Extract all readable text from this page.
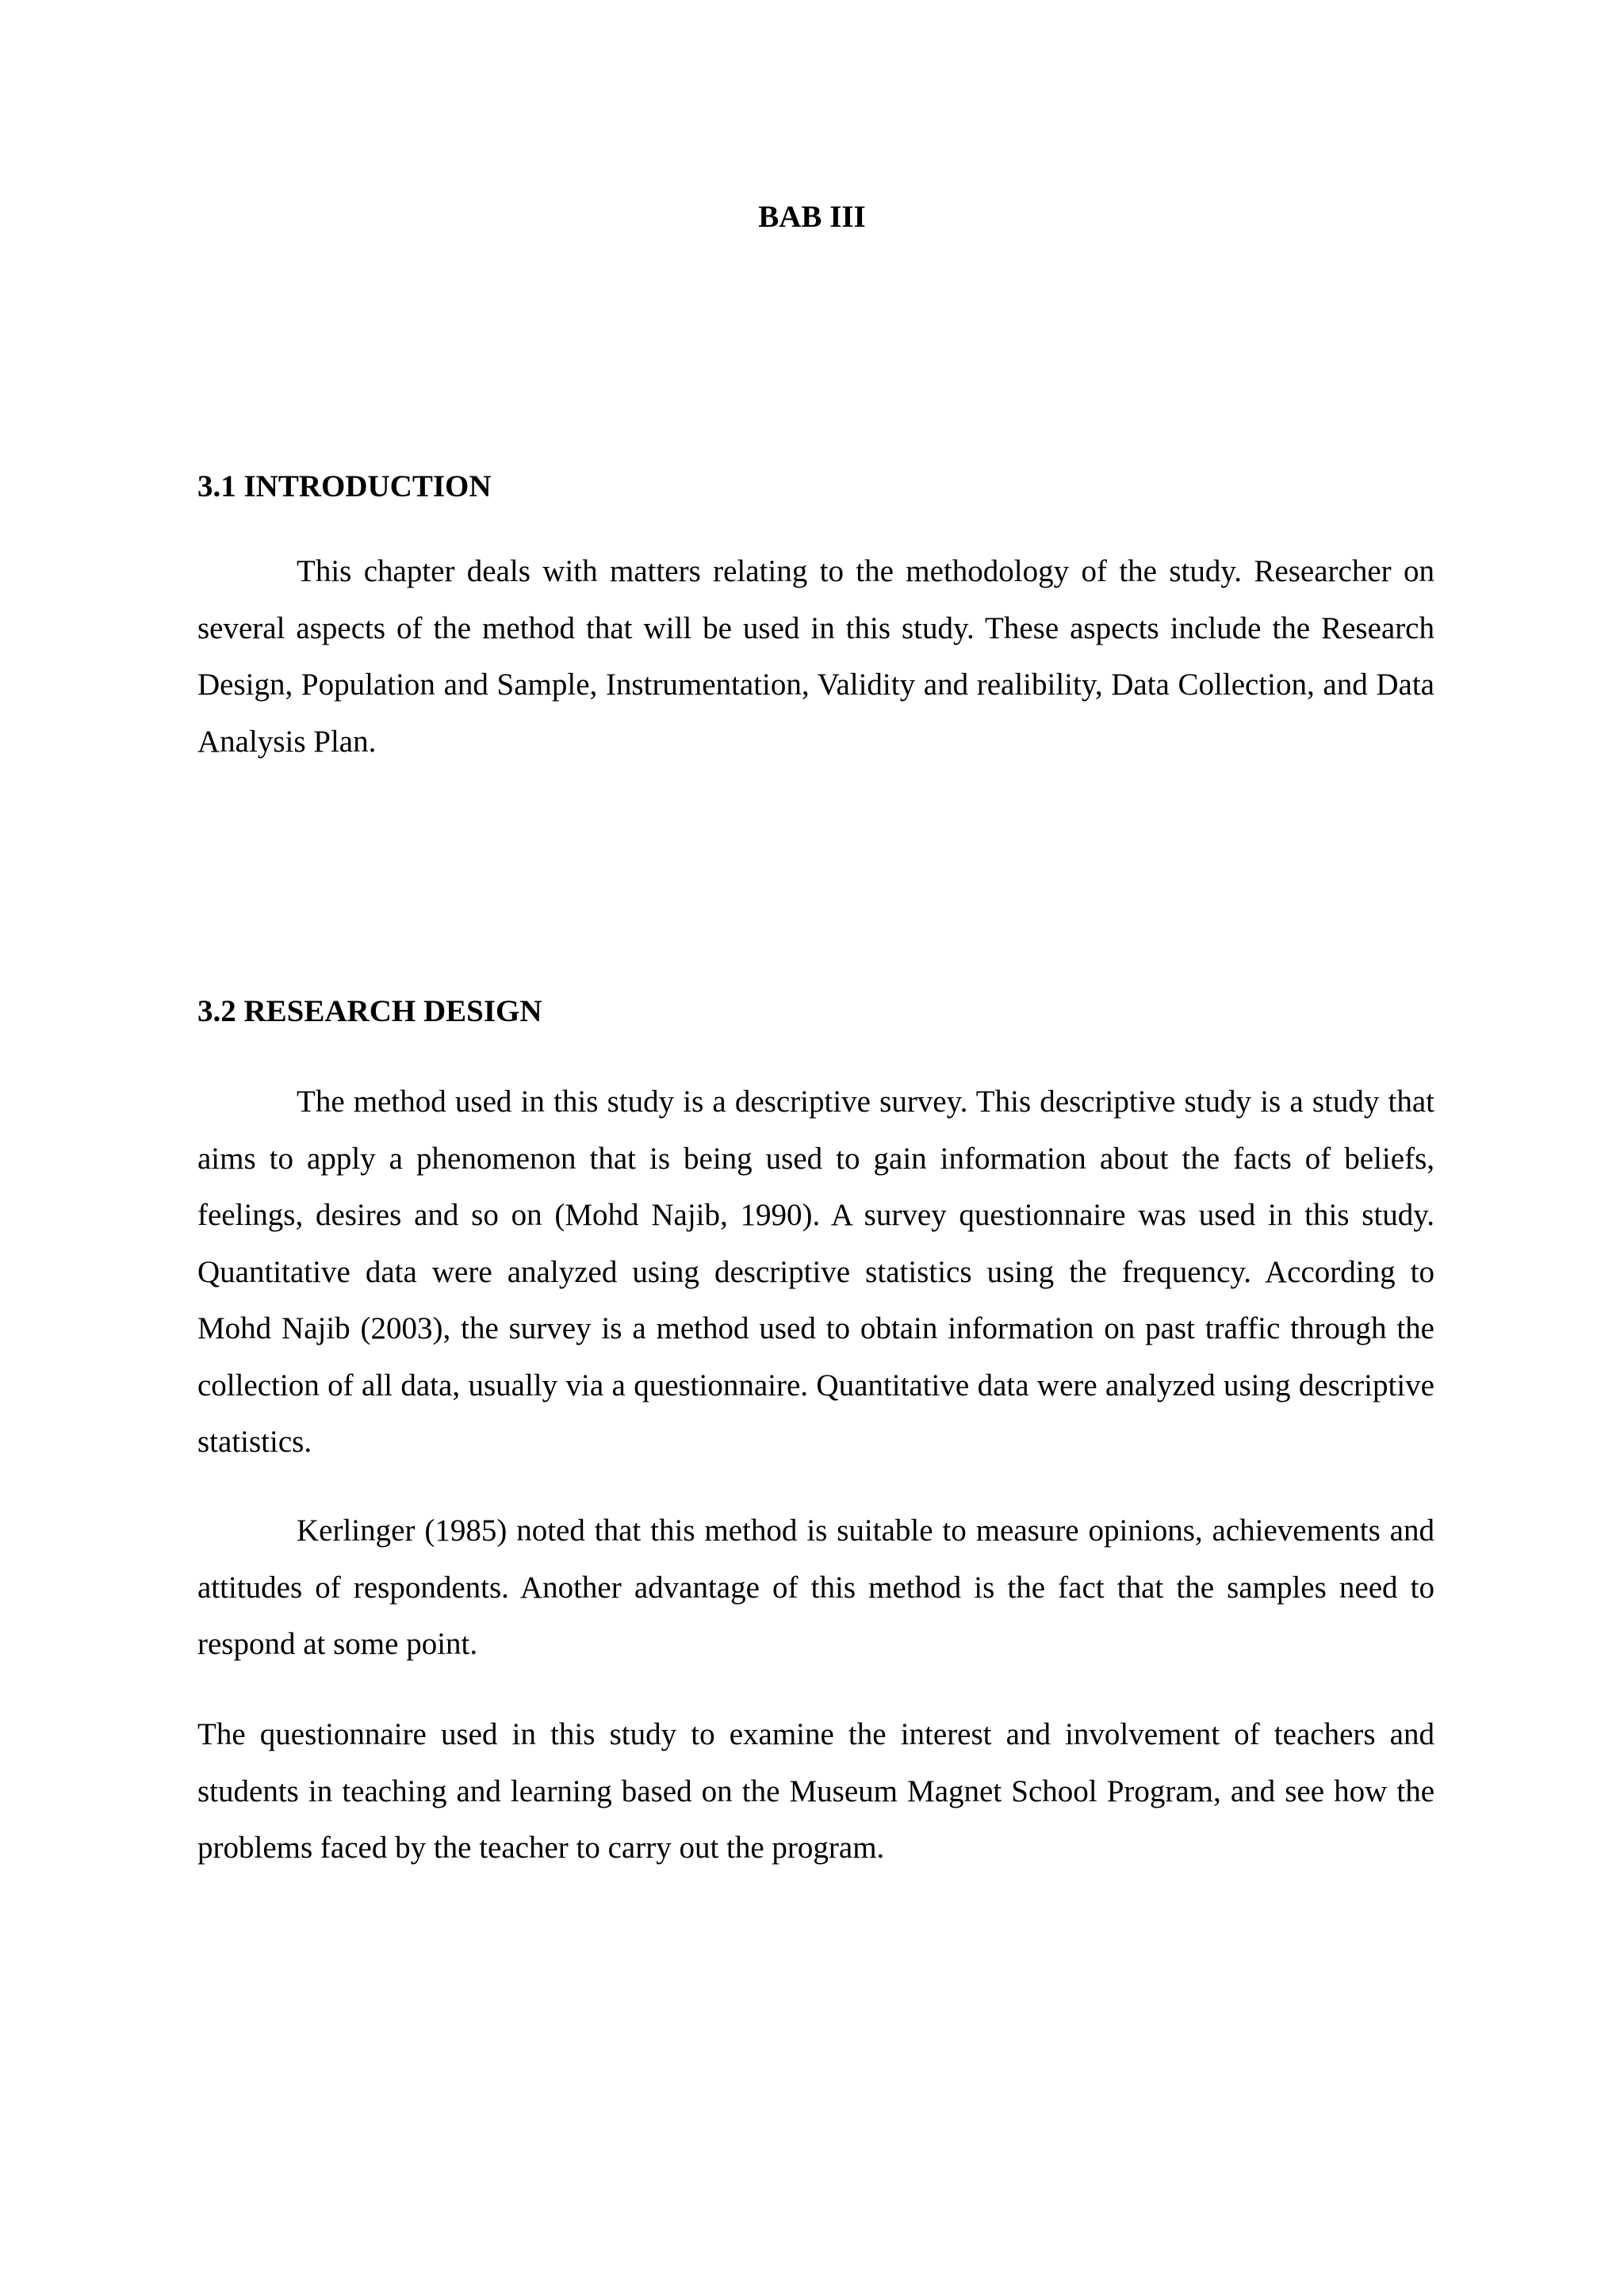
BAB III
3.1 INTRODUCTION

This chapter deals with matters relating to the methodology of the study. Researcher on several aspects of the method that will be used in this study. These aspects include the Research Design, Population and Sample, Instrumentation, Validity and realibility, Data Collection, and Data Analysis Plan.

3.2 RESEARCH DESIGN

The method used in this study is a descriptive survey. This descriptive study is a study that aims to apply a phenomenon that is being used to gain information about the facts of beliefs, feelings, desires and so on (Mohd Najib, 1990). A survey questionnaire was used in this study. Quantitative data were analyzed using descriptive statistics using the frequency. According to Mohd Najib (2003), the survey is a method used to obtain information on past traffic through the collection of all data, usually via a questionnaire. Quantitative data were analyzed using descriptive statistics.

Kerlinger (1985) noted that this method is suitable to measure opinions, achievements and attitudes of respondents. Another advantage of this method is the fact that the samples need to respond at some point.

The questionnaire used in this study to examine the interest and involvement of teachers and students in teaching and learning based on the Museum Magnet School Program, and see how the problems faced by the teacher to carry out the program.
